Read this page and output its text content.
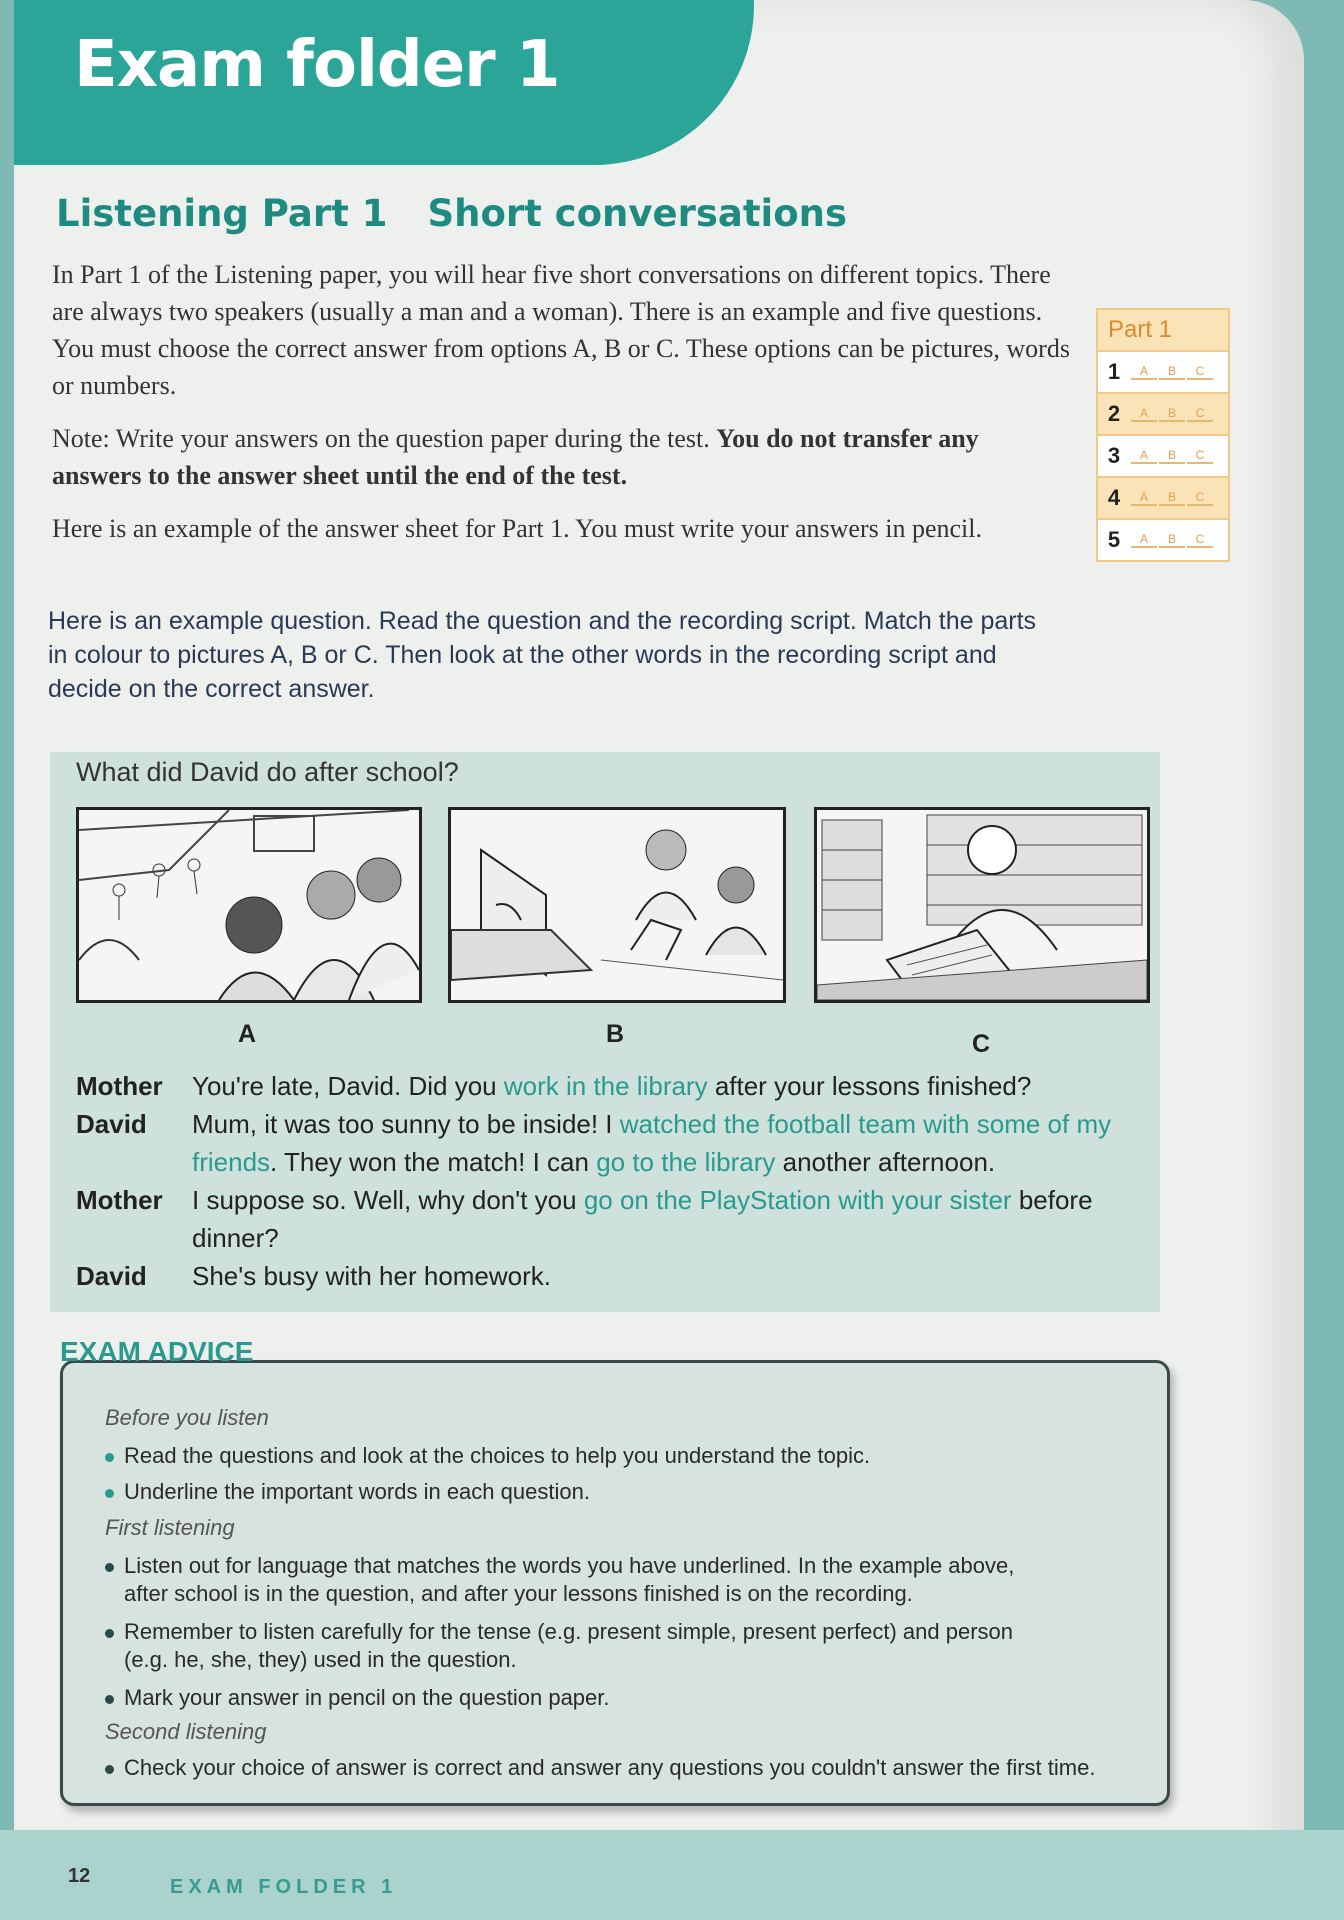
Exam folder 1
Listening Part 1 Short conversations
In Part 1 of the Listening paper, you will hear five short conversations on different topics. There are always two speakers (usually a man and a woman). There is an example and five questions. You must choose the correct answer from options A, B or C. These options can be pictures, words or numbers.
Note: Write your answers on the question paper during the test. You do not transfer any answers to the answer sheet until the end of the test.
Here is an example of the answer sheet for Part 1. You must write your answers in pencil.
Here is an example question. Read the question and the recording script. Match the parts in colour to pictures A, B or C. Then look at the other words in the recording script and decide on the correct answer.
Part 1
1	A	B	C
2	A	B	C
3	A	B	C
4	A	B	C
5	A	B	C
What did David do after school?
A	B	C
Mother	You're late, David. Did you work in the library after your lessons finished?
David	Mum, it was too sunny to be inside! I watched the football team with some of my friends. They won the match! I can go to the library another afternoon.
Mother	I suppose so. Well, why don't you go on the PlayStation with your sister before dinner?
David	She's busy with her homework.
Before you listen
Read the questions and look at the choices to help you understand the topic.
Underline the important words in each question.
First listening
Listen out for language that matches the words you have underlined. In the example above,
after school is in the question, and after your lessons finished is on the recording.
Remember to listen carefully for the tense (e.g. present simple, present perfect) and person
(e.g. he, she, they) used in the question.
Mark your answer in pencil on the question paper.
Second listening
Check your choice of answer is correct and answer any questions you couldn't answer the first time.
EXAM ADVICE
12	EXAM FOLDER 1
